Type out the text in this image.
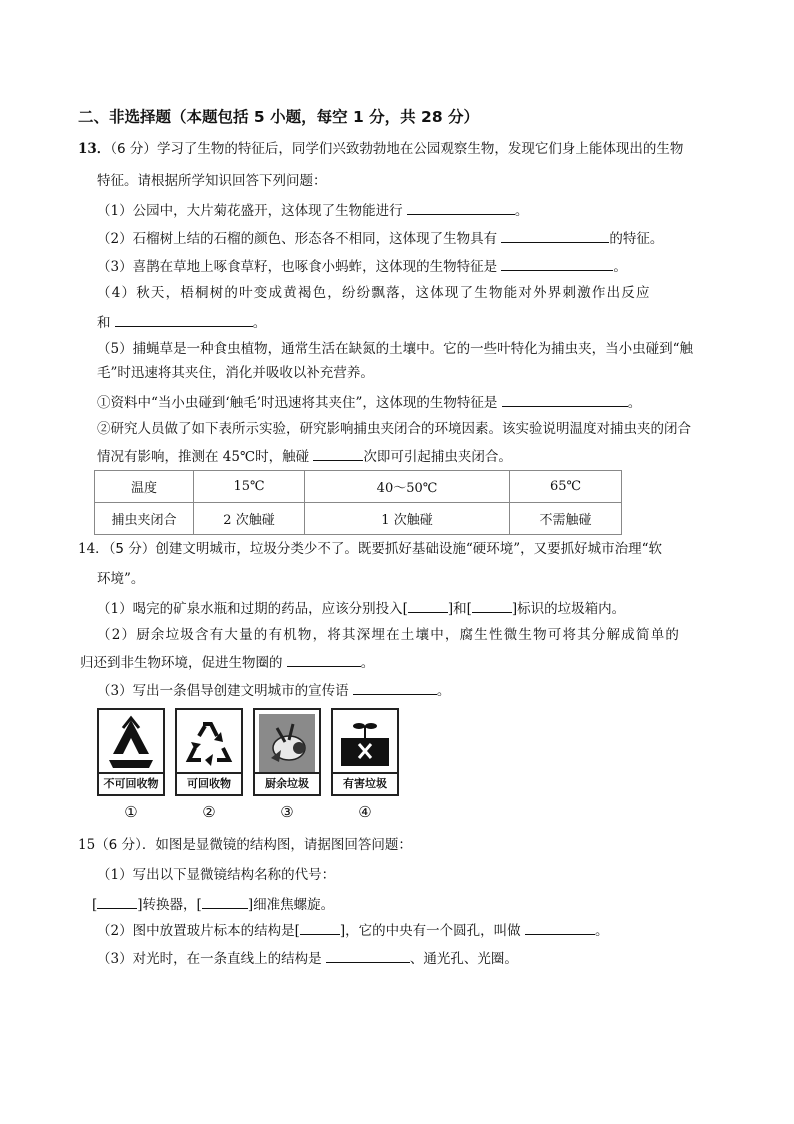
二、非选择题（本题包括 5 小题，每空 1 分，共 28 分）
13．（6 分）学习了生物的特征后，同学们兴致勃勃地在公园观察生物，发现它们身上能体现出的生物
特征。请根据所学知识回答下列问题：
（1）公园中，大片菊花盛开，这体现了生物能进行	。
（2）石榴树上结的石榴的颜色、形态各不相同，这体现了生物具有	的特征。
（3）喜鹊在草地上啄食草籽，也啄食小蚂蚱，这体现的生物特征是	。
（4）秋天，梧桐树的叶变成黄褐色，纷纷飘落，这体现了生物能对外界刺激作出反应
和	。
（5）捕蝇草是一种食虫植物，通常生活在缺氮的土壤中。它的一些叶特化为捕虫夹，当小虫碰到“触
毛”时迅速将其夹住，消化并吸收以补充营养。
①资料中“当小虫碰到‘触毛’时迅速将其夹住”，这体现的生物特征是	。
②研究人员做了如下表所示实验，研究影响捕虫夹闭合的环境因素。该实验说明温度对捕虫夹的闭合
情况有影响，推测在 45℃时，触碰	次即可引起捕虫夹闭合。
温度	15℃	40～50℃	65℃
捕虫夹闭合	2 次触碰	1 次触碰	不需触碰
14．（5 分）创建文明城市，垃圾分类少不了。既要抓好基础设施“硬环境”，又要抓好城市治理“软
环境”。
（1）喝完的矿泉水瓶和过期的药品，应该分别投入[	]和[	]标识的垃圾箱内。
（2）厨余垃圾含有大量的有机物，将其深埋在土壤中，腐生性微生物可将其分解成简单的
归还到非生物环境，促进生物圈的	。
（3）写出一条倡导创建文明城市的宣传语	。
不可回收物	可回收物	厨余垃圾	有害垃圾
①	②	③	④
15（6 分）．如图是显微镜的结构图，请据图回答问题：
（1）写出以下显微镜结构名称的代号：
[	]转换器，[	]细准焦螺旋。
（2）图中放置玻片标本的结构是[	]，它的中央有一个圆孔，叫做	。
（3）对光时，在一条直线上的结构是	、通光孔、光圈。
